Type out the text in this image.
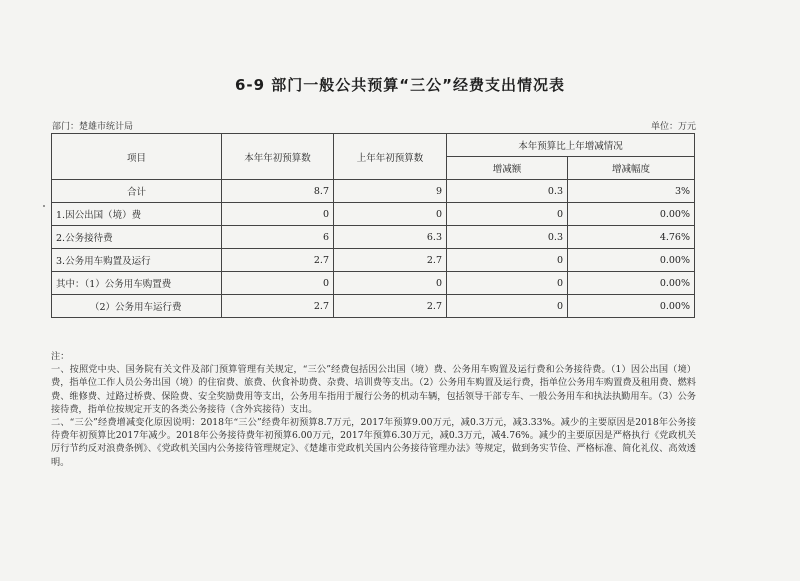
6-9 部门一般公共预算“三公”经费支出情况表
部门：楚雄市统计局	单位：万元
项目	本年年初预算数	上年年初预算数	本年预算比上年增减情况	
			增减额	增减幅度
合计	8.7	9	0.3	3%
1.因公出国（境）费	0	0	0	0.00%
2.公务接待费	6	6.3	0.3	4.76%
3.公务用车购置及运行	2.7	2.7	0	0.00%
其中：（1）公务用车购置费	0	0	0	0.00%
（2）公务用车运行费	2.7	2.7	0	0.00%

注：

一、按照党中央、国务院有关文件及部门预算管理有关规定，“三公”经费包括因公出国（境）费、公务用车购置及运行费和公务接待费。（1）因公出国（境）费，指单位工作人员公务出国（境）的住宿费、旅费、伙食补助费、杂费、培训费等支出。（2）公务用车购置及运行费，指单位公务用车购置费及租用费、燃料费、维修费、过路过桥费、保险费、安全奖励费用等支出，公务用车指用于履行公务的机动车辆，包括领导干部专车、一般公务用车和执法执勤用车。（3）公务接待费，指单位按规定开支的各类公务接待（含外宾接待）支出。

二、“三公”经费增减变化原因说明：2018年“三公”经费年初预算8.7万元，2017年预算9.00万元，减0.3万元，减3.33%。减少的主要原因是2018年公务接待费年初预算比2017年减少。2018年公务接待费年初预算6.00万元，2017年预算6.30万元，减0.3万元，减4.76%。减少的主要原因是严格执行《党政机关厉行节约反对浪费条例》、《党政机关国内公务接待管理规定》、《楚雄市党政机关国内公务接待管理办法》等规定，做到务实节俭、严格标准、简化礼仪、高效透明。
